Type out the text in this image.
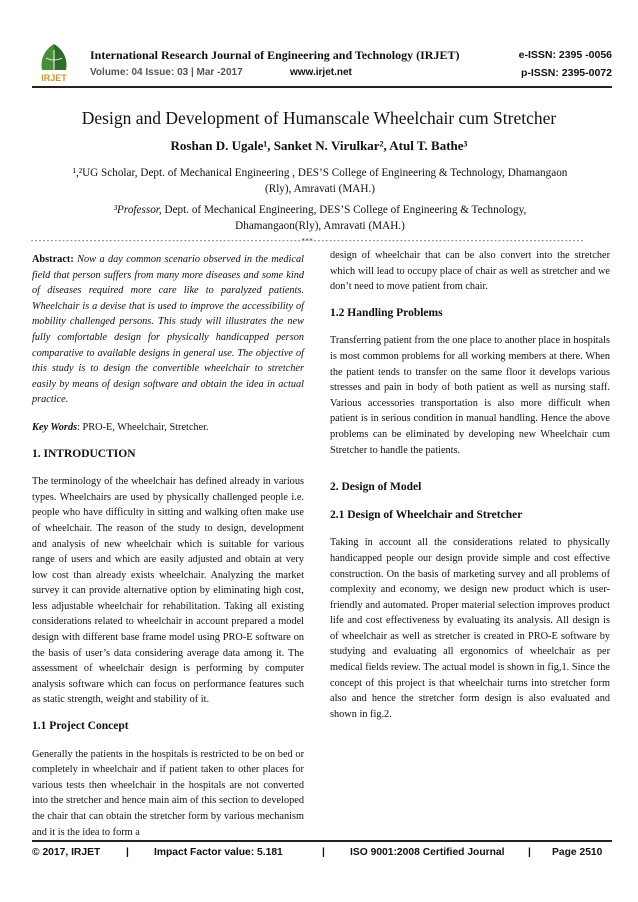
IRJET
International Research Journal of Engineering and Technology (IRJET)	e-ISSN: 2395 -0056
Volume: 04 Issue: 03 | Mar -2017	www.irjet.net	p-ISSN: 2395-0072
Design and Development of Humanscale Wheelchair cum Stretcher
Roshan D. Ugale¹, Sanket N. Virulkar², Atul T. Bathe³
¹,²UG Scholar, Dept. of Mechanical Engineering , DES’S College of Engineering & Technology, Dhamangaon (Rly), Amravati (MAH.)
³Professor, Dept. of Mechanical Engineering, DES’S College of Engineering & Technology, Dhamangaon(Rly), Amravati (MAH.)
---------------------------------------------------------------------***---------------------------------------------------------------------

Abstract: Now a day common scenario observed in the medical field that person suffers from many more diseases and some kind of diseases required more care like to paralyzed patients. Wheelchair is a devise that is used to improve the accessibility of mobility challenged persons. This study will illustrates the new fully comfortable design for physically handicapped person comparative to available designs in general use. The objective of this study is to design the convertible wheelchair to stretcher easily by means of design software and obtain the idea in actual practice.

Key Words: PRO-E, Wheelchair, Stretcher.

1. INTRODUCTION

The terminology of the wheelchair has defined already in various types. Wheelchairs are used by physically challenged people i.e. people who have difficulty in sitting and walking often make use of wheelchair. The reason of the study to design, development and analysis of new wheelchair which is suitable for various range of users and which are easily adjusted and obtain at very low cost than already exists wheelchair. Analyzing the market survey it can provide alternative option by eliminating high cost, less adjustable wheelchair for rehabilitation. Taking all existing considerations related to wheelchair in account prepared a model design with different base frame model using PRO-E software on the basis of user’s data considering average data among it. The assessment of wheelchair design is performing by computer analysis software which can focus on performance features such as static strength, weight and stability of it.

1.1 Project Concept

Generally the patients in the hospitals is restricted to be on bed or completely in wheelchair and if patient taken to other places for various tests then wheelchair in the hospitals are not converted into the stretcher and hence main aim of this section to developed the chair that can obtain the stretcher form by various mechanism and it is the idea to form a

design of wheelchair that can be also convert into the stretcher which will lead to occupy place of chair as well as stretcher and we don’t need to move patient from chair.

1.2 Handling Problems

Transferring patient from the one place to another place in hospitals is most common problems for all working members at there. When the patient tends to transfer on the same floor it develops various stresses and pain in body of both patient as well as nursing staff. Various accessories transportation is also more difficult when patient is in serious condition in manual handling. Hence the above problems can be eliminated by developing new Wheelchair cum Stretcher to handle the patients.

2. Design of Model
2.1 Design of Wheelchair and Stretcher

Taking in account all the considerations related to physically handicapped people our design provide simple and cost effective construction. On the basis of marketing survey and all problems of complexity and economy, we design new product which is user-friendly and automated. Proper material selection improves product life and cost effectiveness by evaluating its analysis. All design is of wheelchair as well as stretcher is created in PRO-E software by studying and evaluating all ergonomics of wheelchair as per medical fields review. The actual model is shown in fig,1. Since the concept of this project is that wheelchair turns into stretcher form also and hence the stretcher form design is also evaluated and shown in fig.2.

© 2017, IRJET | Impact Factor value: 5.181	| ISO 9001:2008 Certified Journal | Page 2510
